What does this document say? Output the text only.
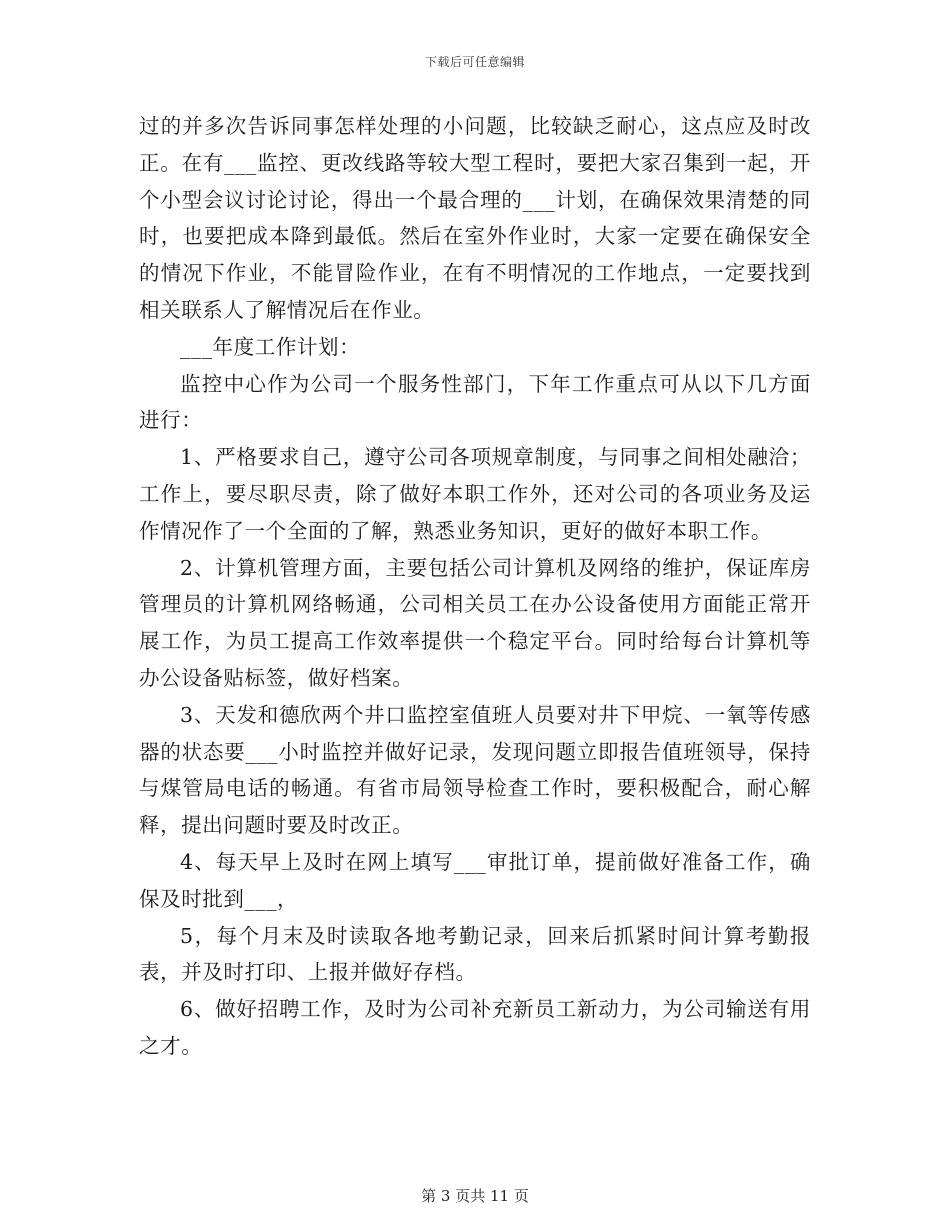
下载后可任意编辑

过的并多次告诉同事怎样处理的小问题，比较缺乏耐心，这点应及时改正。在有___监控、更改线路等较大型工程时，要把大家召集到一起，开个小型会议讨论讨论，得出一个最合理的___计划，在确保效果清楚的同时，也要把成本降到最低。然后在室外作业时，大家一定要在确保安全的情况下作业，不能冒险作业，在有不明情况的工作地点，一定要找到相关联系人了解情况后在作业。

___年度工作计划：

监控中心作为公司一个服务性部门，下年工作重点可从以下几方面进行：

1、严格要求自己，遵守公司各项规章制度，与同事之间相处融洽；工作上，要尽职尽责，除了做好本职工作外，还对公司的各项业务及运作情况作了一个全面的了解，熟悉业务知识，更好的做好本职工作。

2、计算机管理方面，主要包括公司计算机及网络的维护，保证库房管理员的计算机网络畅通，公司相关员工在办公设备使用方面能正常开展工作，为员工提高工作效率提供一个稳定平台。同时给每台计算机等办公设备贴标签，做好档案。

3、天发和德欣两个井口监控室值班人员要对井下甲烷、一氧等传感器的状态要___小时监控并做好记录，发现问题立即报告值班领导，保持与煤管局电话的畅通。有省市局领导检查工作时，要积极配合，耐心解释，提出问题时要及时改正。

4、每天早上及时在网上填写___审批订单，提前做好准备工作，确保及时批到___，

5，每个月末及时读取各地考勤记录，回来后抓紧时间计算考勤报表，并及时打印、上报并做好存档。

6、做好招聘工作，及时为公司补充新员工新动力，为公司输送有用之才。

第 3 页共 11 页
